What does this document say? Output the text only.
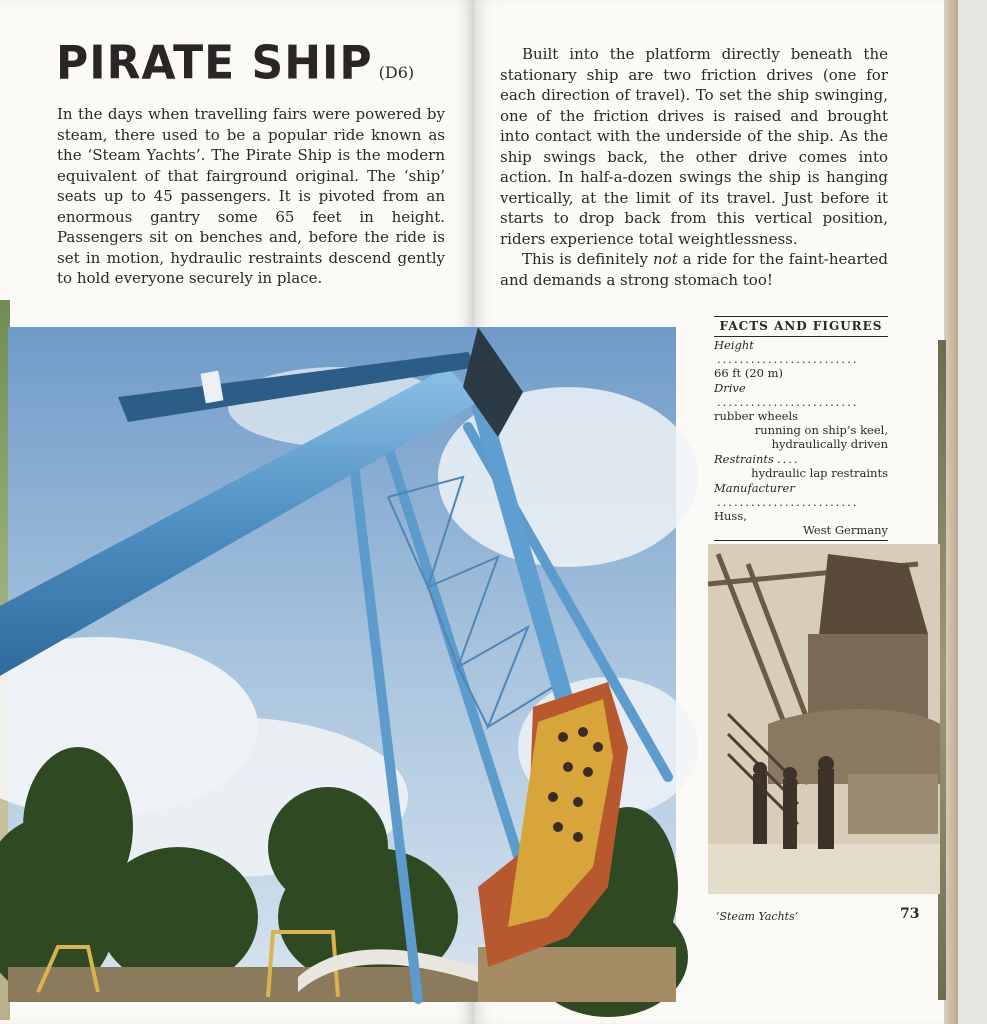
PIRATE SHIP (D6)
In the days when travelling fairs were powered by steam, there used to be a popular ride known as the ‘Steam Yachts’. The Pirate Ship is the modern equivalent of that fairground original. The ‘ship’ seats up to 45 passengers. It is pivoted from an enormous gantry some 65 feet in height. Passengers sit on benches and, before the ride is set in motion, hydraulic restraints descend gently to hold everyone securely in place.

Built into the platform directly beneath the stationary ship are two friction drives (one for each direction of travel). To set the ship swinging, one of the friction drives is raised and brought into contact with the underside of the ship. As the ship swings back, the other drive comes into action. In half-a-dozen swings the ship is hanging vertically, at the limit of its travel. Just before it starts to drop back from this vertical position, riders experience total weightlessness.

This is definitely not a ride for the faint-hearted and demands a strong stomach too!

FACTS AND FIGURES
Height
.........................
66 ft (20 m)
Drive
.........................
rubber wheels
running on ship’s keel, hydraulically driven
Restraints ....
hydraulic lap restraints
Manufacturer
.........................
Huss,
West Germany
‘Steam Yachts’	73
